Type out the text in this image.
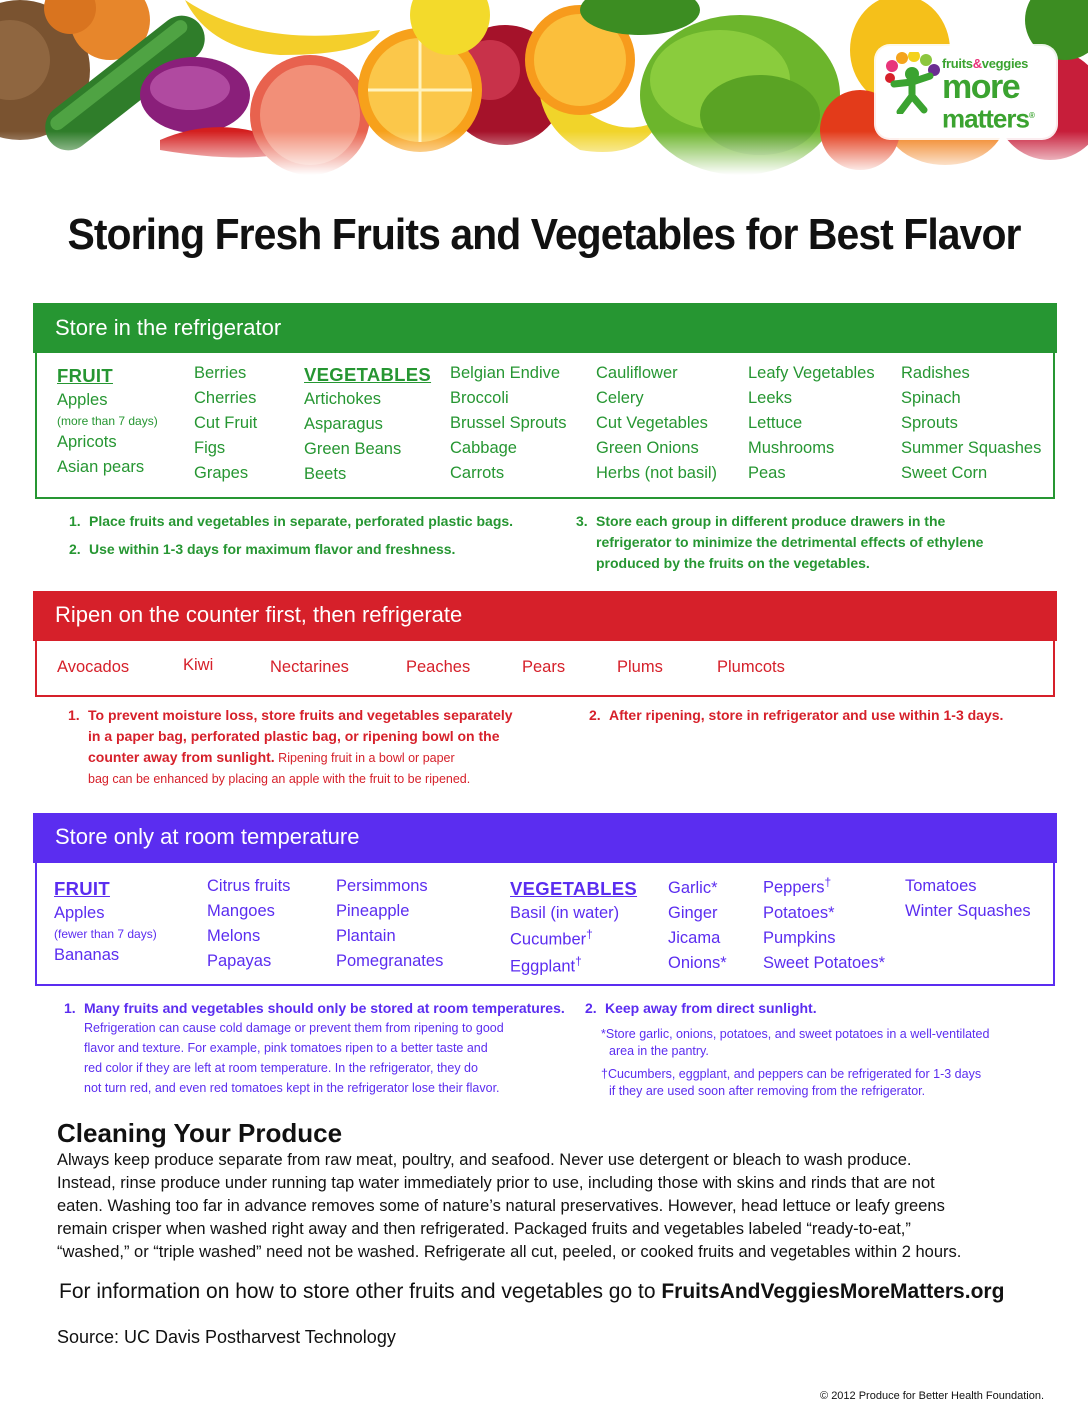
fruits&veggies
more
matters®
Storing Fresh Fruits and Vegetables for Best Flavor
Store in the refrigerator
FRUIT
Apples
(more than 7 days)
Apricots
Asian pears
Berries
Cherries
Cut Fruit
Figs
Grapes
VEGETABLES
Artichokes
Asparagus
Green Beans
Beets
Belgian Endive
Broccoli
Brussel Sprouts
Cabbage
Carrots
Cauliflower
Celery
Cut Vegetables
Green Onions
Herbs (not basil)
Leafy Vegetables
Leeks
Lettuce
Mushrooms
Peas
Radishes
Spinach
Sprouts
Summer Squashes
Sweet Corn
1. Place fruits and vegetables in separate, perforated plastic bags.
2. Use within 1-3 days for maximum flavor and freshness.
3. Store each group in different produce drawers in the
refrigerator to minimize the detrimental effects of ethylene
produced by the fruits on the vegetables.
Ripen on the counter first, then refrigerate
Avocados	Kiwi	Nectarines	Peaches	Pears	Plums	Plumcots
1. To prevent moisture loss, store fruits and vegetables separately
in a paper bag, perforated plastic bag, or ripening bowl on the
counter away from sunlight. Ripening fruit in a bowl or paper
bag can be enhanced by placing an apple with the fruit to be ripened.
2. After ripening, store in refrigerator and use within 1-3 days.
Store only at room temperature
FRUIT
Apples
(fewer than 7 days)
Bananas
Citrus fruits
Mangoes
Melons
Papayas
Persimmons
Pineapple
Plantain
Pomegranates
VEGETABLES
Basil (in water)
Cucumber†
Eggplant†
Garlic*
Ginger
Jicama
Onions*
Peppers†
Potatoes*
Pumpkins
Sweet Potatoes*
Tomatoes
Winter Squashes
1. Many fruits and vegetables should only be stored at room temperatures.
Refrigeration can cause cold damage or prevent them from ripening to good
flavor and texture. For example, pink tomatoes ripen to a better taste and
red color if they are left at room temperature. In the refrigerator, they do
not turn red, and even red tomatoes kept in the refrigerator lose their flavor.
2. Keep away from direct sunlight.
*Store garlic, onions, potatoes, and sweet potatoes in a well-ventilated
area in the pantry.
†Cucumbers, eggplant, and peppers can be refrigerated for 1-3 days
if they are used soon after removing from the refrigerator.
Cleaning Your Produce
Always keep produce separate from raw meat, poultry, and seafood. Never use detergent or bleach to wash produce.
Instead, rinse produce under running tap water immediately prior to use, including those with skins and rinds that are not
eaten. Washing too far in advance removes some of nature’s natural preservatives. However, head lettuce or leafy greens
remain crisper when washed right away and then refrigerated. Packaged fruits and vegetables labeled “ready-to-eat,”
“washed,” or “triple washed” need not be washed. Refrigerate all cut, peeled, or cooked fruits and vegetables within 2 hours.
For information on how to store other fruits and vegetables go to FruitsAndVeggiesMoreMatters.org
Source: UC Davis Postharvest Technology
© 2012 Produce for Better Health Foundation.
